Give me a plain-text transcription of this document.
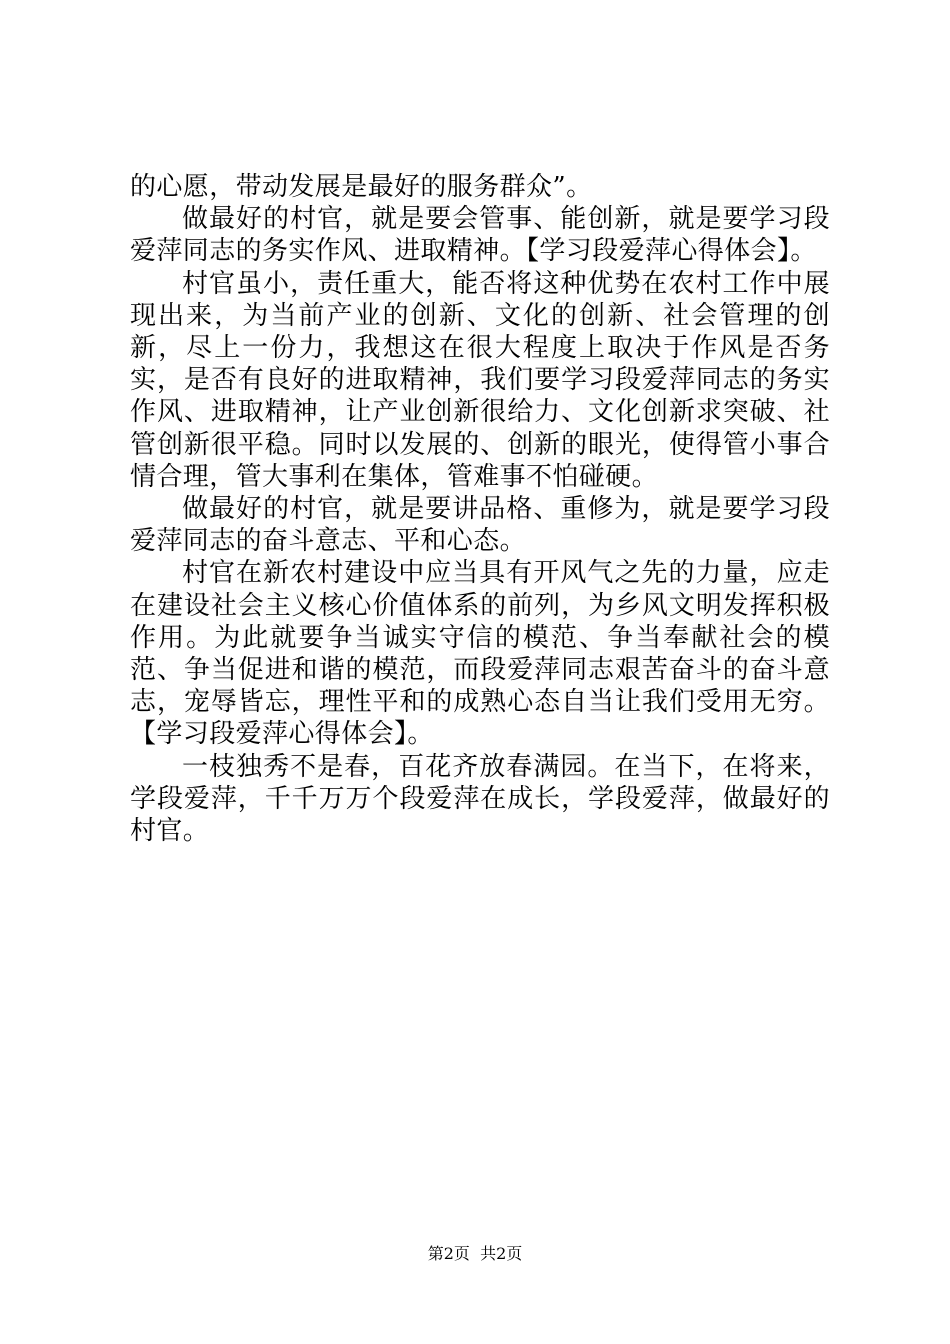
的心愿，带动发展是最好的服务群众”。

做最好的村官，就是要会管事、能创新，就是要学习段爱萍同志的务实作风、进取精神。【学习段爱萍心得体会】。

村官虽小，责任重大，能否将这种优势在农村工作中展现出来，为当前产业的创新、文化的创新、社会管理的创新，尽上一份力，我想这在很大程度上取决于作风是否务实，是否有良好的进取精神，我们要学习段爱萍同志的务实作风、进取精神，让产业创新很给力、文化创新求突破、社管创新很平稳。同时以发展的、创新的眼光，使得管小事合情合理，管大事利在集体，管难事不怕碰硬。

做最好的村官，就是要讲品格、重修为，就是要学习段爱萍同志的奋斗意志、平和心态。

村官在新农村建设中应当具有开风气之先的力量，应走在建设社会主义核心价值体系的前列，为乡风文明发挥积极作用。为此就要争当诚实守信的模范、争当奉献社会的模范、争当促进和谐的模范，而段爱萍同志艰苦奋斗的奋斗意志，宠辱皆忘，理性平和的成熟心态自当让我们受用无穷。【学习段爱萍心得体会】。

一枝独秀不是春，百花齐放春满园。在当下，在将来，学段爱萍，千千万万个段爱萍在成长，学段爱萍，做最好的村官。

第2页 共2页
